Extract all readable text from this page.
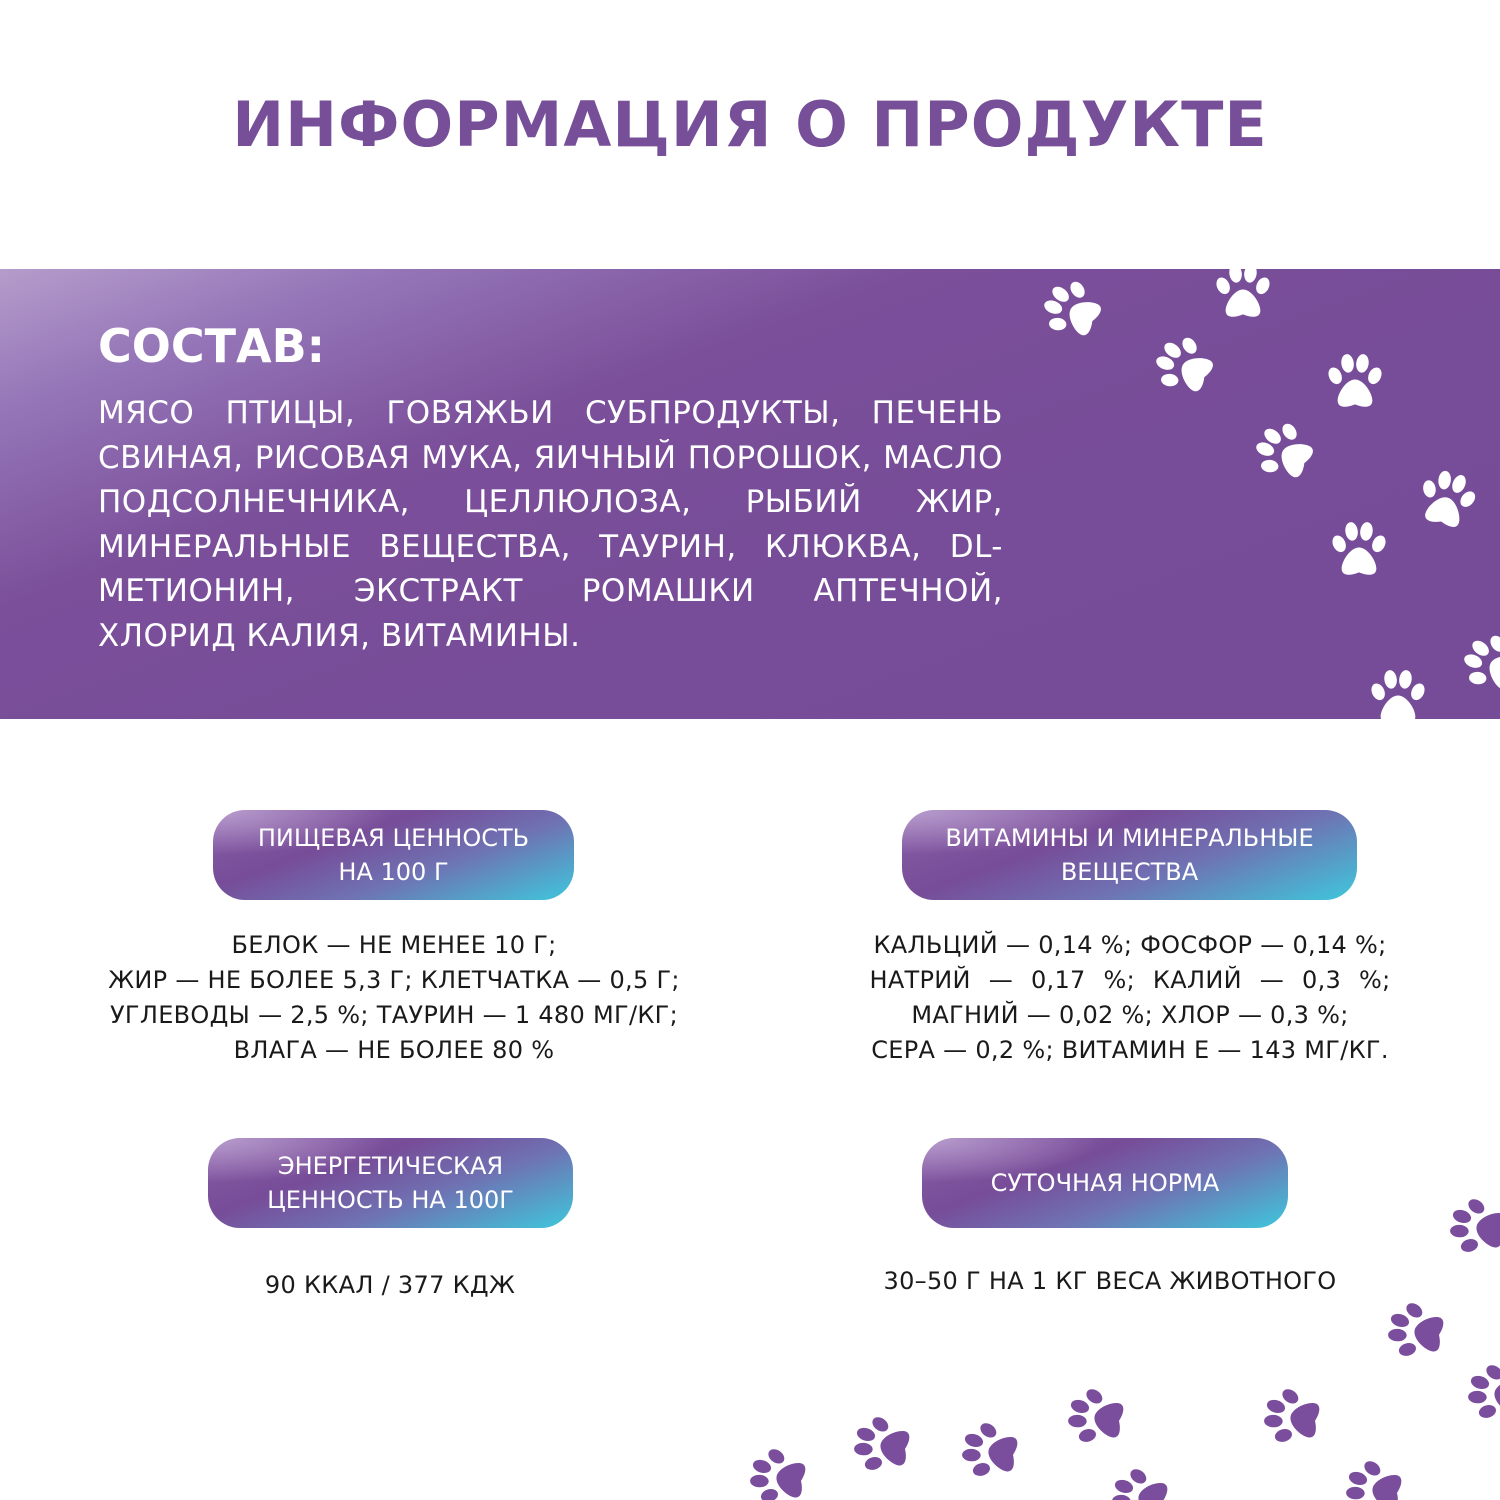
ИНФОРМАЦИЯ О ПРОДУКТЕ
СОСТАВ:

МЯСО ПТИЦЫ, ГОВЯЖЬИ СУБПРОДУКТЫ, ПЕЧЕНЬ СВИНАЯ, РИСОВАЯ МУКА, ЯИЧНЫЙ ПОРОШОК, МАСЛО ПОДСОЛНЕЧНИКА, ЦЕЛЛЮЛОЗА, РЫБИЙ ЖИР, МИНЕРАЛЬНЫЕ ВЕЩЕСТВА, ТАУРИН, КЛЮКВА, DL- МЕТИОНИН, ЭКСТРАКТ РОМАШКИ АПТЕЧНОЙ, ХЛОРИД КАЛИЯ, ВИТАМИНЫ.

ПИЩЕВАЯ ЦЕННОСТЬ
НА 100 Г
БЕЛОК — НЕ МЕНЕЕ 10 Г;
ЖИР — НЕ БОЛЕЕ 5,3 Г; КЛЕТЧАТКА — 0,5 Г;
УГЛЕВОДЫ — 2,5 %; ТАУРИН — 1 480 МГ/КГ;
ВЛАГА — НЕ БОЛЕЕ 80 %
ВИТАМИНЫ И МИНЕРАЛЬНЫЕ
ВЕЩЕСТВА
КАЛЬЦИЙ — 0,14 %; ФОСФОР — 0,14 %;
НАТРИЙ — 0,17 %; КАЛИЙ — 0,3 %;
МАГНИЙ — 0,02 %; ХЛОР — 0,3 %;
СЕРА — 0,2 %; ВИТАМИН Е — 143 МГ/КГ.
ЭНЕРГЕТИЧЕСКАЯ
ЦЕННОСТЬ НА 100Г
90 ККАЛ / 377 КДЖ
СУТОЧНАЯ НОРМА
30–50 Г НА 1 КГ ВЕСА ЖИВОТНОГО
